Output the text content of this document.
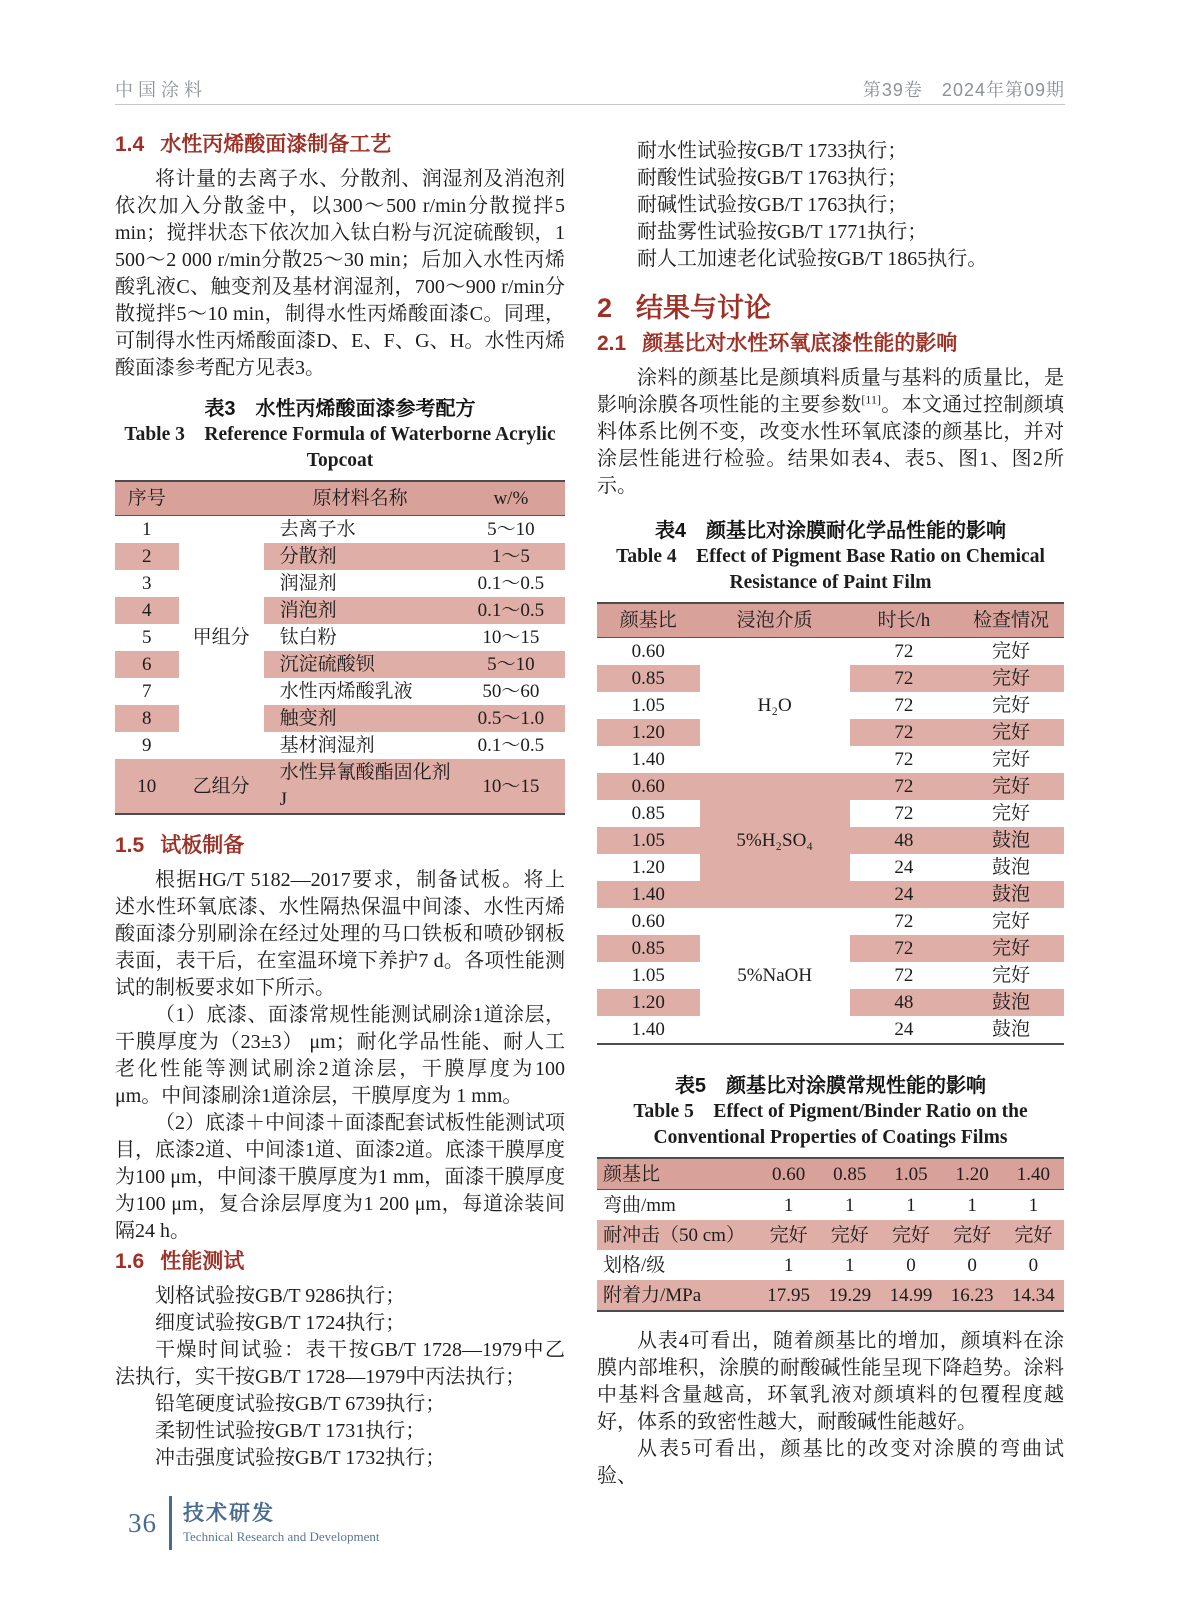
中国涂料	第39卷　2024年第09期
1.4 水性丙烯酸面漆制备工艺

将计量的去离子水、分散剂、润湿剂及消泡剂依次加入分散釜中，以300～500 r/min分散搅拌5 min；搅拌状态下依次加入钛白粉与沉淀硫酸钡，1 500～2 000 r/min分散25～30 min；后加入水性丙烯酸乳液C、触变剂及基材润湿剂，700～900 r/min分散搅拌5～10 min，制得水性丙烯酸面漆C。同理，可制得水性丙烯酸面漆D、E、F、G、H。水性丙烯酸面漆参考配方见表3。

表3　水性丙烯酸面漆参考配方
Table 3　Reference Formula of Waterborne Acrylic
Topcoat
序号		原材料名称	w/%
1	甲组分	去离子水	5～10
2		分散剂	1～5
3		润湿剂	0.1～0.5
4		消泡剂	0.1～0.5
5		钛白粉	10～15
6		沉淀硫酸钡	5～10
7		水性丙烯酸乳液	50～60
8		触变剂	0.5～1.0
9		基材润湿剂	0.1～0.5
10	乙组分	水性异氰酸酯固化剂J	10～15
1.5 试板制备

根据HG/T 5182—2017要求，制备试板。将上述水性环氧底漆、水性隔热保温中间漆、水性丙烯酸面漆分别刷涂在经过处理的马口铁板和喷砂钢板表面，表干后，在室温环境下养护7 d。各项性能测试的制板要求如下所示。

（1）底漆、面漆常规性能测试刷涂1道涂层，干膜厚度为（23±3） μm；耐化学品性能、耐人工老化性能等测试刷涂2道涂层，干膜厚度为100 μm。中间漆刷涂1道涂层，干膜厚度为 1 mm。

（2）底漆＋中间漆＋面漆配套试板性能测试项目，底漆2道、中间漆1道、面漆2道。底漆干膜厚度为100 μm，中间漆干膜厚度为1 mm，面漆干膜厚度为100 μm，复合涂层厚度为1 200 μm，每道涂装间隔24 h。

1.6 性能测试

划格试验按GB/T 9286执行；

细度试验按GB/T 1724执行；

干燥时间试验：表干按GB/T 1728—1979中乙法执行，实干按GB/T 1728—1979中丙法执行；

铅笔硬度试验按GB/T 6739执行；

柔韧性试验按GB/T 1731执行；

冲击强度试验按GB/T 1732执行；

耐水性试验按GB/T 1733执行；

耐酸性试验按GB/T 1763执行；

耐碱性试验按GB/T 1763执行；

耐盐雾性试验按GB/T 1771执行；

耐人工加速老化试验按GB/T 1865执行。

2 结果与讨论
2.1 颜基比对水性环氧底漆性能的影响

涂料的颜基比是颜填料质量与基料的质量比，是影响涂膜各项性能的主要参数[11]。本文通过控制颜填料体系比例不变，改变水性环氧底漆的颜基比，并对涂层性能进行检验。结果如表4、表5、图1、图2所示。

表4　颜基比对涂膜耐化学品性能的影响
Table 4　Effect of Pigment Base Ratio on Chemical
Resistance of Paint Film
颜基比	浸泡介质	时长/h	检查情况
0.60	H₂O	72	完好
0.85		72	完好
1.05		72	完好
1.20		72	完好
1.40		72	完好
0.60	5%H₂SO₄	72	完好
0.85		72	完好
1.05		48	鼓泡
1.20		24	鼓泡
1.40		24	鼓泡
0.60	5%NaOH	72	完好
0.85		72	完好
1.05		72	完好
1.20		48	鼓泡
1.40		24	鼓泡
表5　颜基比对涂膜常规性能的影响
Table 5　Effect of Pigment/Binder Ratio on the
Conventional Properties of Coatings Films
颜基比	0.60	0.85	1.05	1.20	1.40
弯曲/mm	1	1	1	1	1
耐冲击（50 cm）	完好	完好	完好	完好	完好
划格/级	1	1	0	0	0
附着力/MPa	17.95	19.29	14.99	16.23	14.34

从表4可看出，随着颜基比的增加，颜填料在涂膜内部堆积，涂膜的耐酸碱性能呈现下降趋势。涂料中基料含量越高，环氧乳液对颜填料的包覆程度越好，体系的致密性越大，耐酸碱性能越好。

从表5可看出，颜基比的改变对涂膜的弯曲试验、

36 技术研发
Technical Research and Development
